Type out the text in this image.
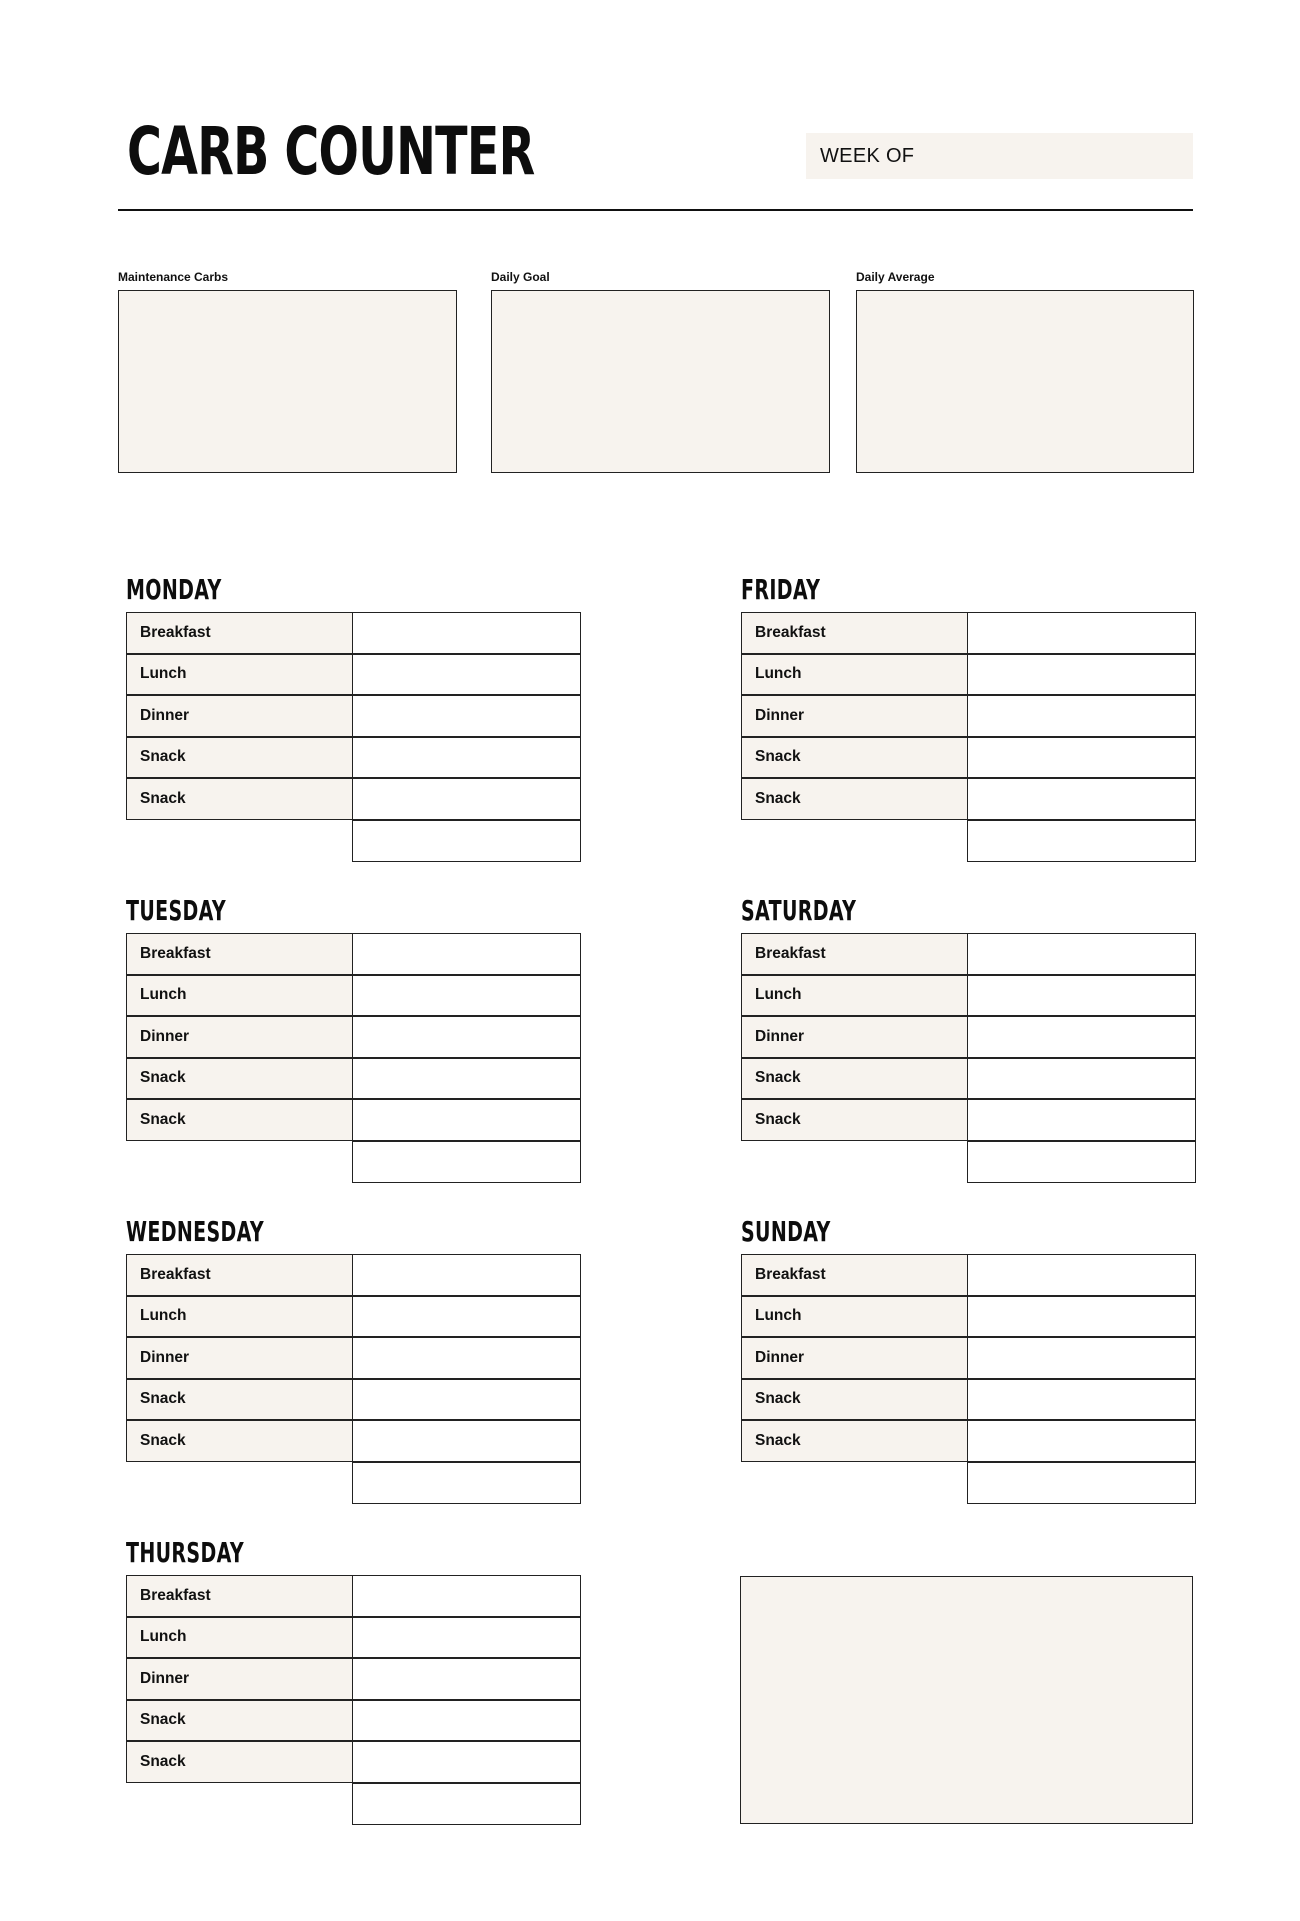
CARB COUNTER	WEEK OF
Maintenance Carbs	Daily Goal	Daily Average
MONDAY
Breakfast
Lunch
Dinner
Snack
Snack
TUESDAY
Breakfast
Lunch
Dinner
Snack
Snack
WEDNESDAY
Breakfast
Lunch
Dinner
Snack
Snack
THURSDAY
Breakfast
Lunch
Dinner
Snack
Snack
FRIDAY
Breakfast
Lunch
Dinner
Snack
Snack
SATURDAY
Breakfast
Lunch
Dinner
Snack
Snack
SUNDAY
Breakfast
Lunch
Dinner
Snack
Snack
